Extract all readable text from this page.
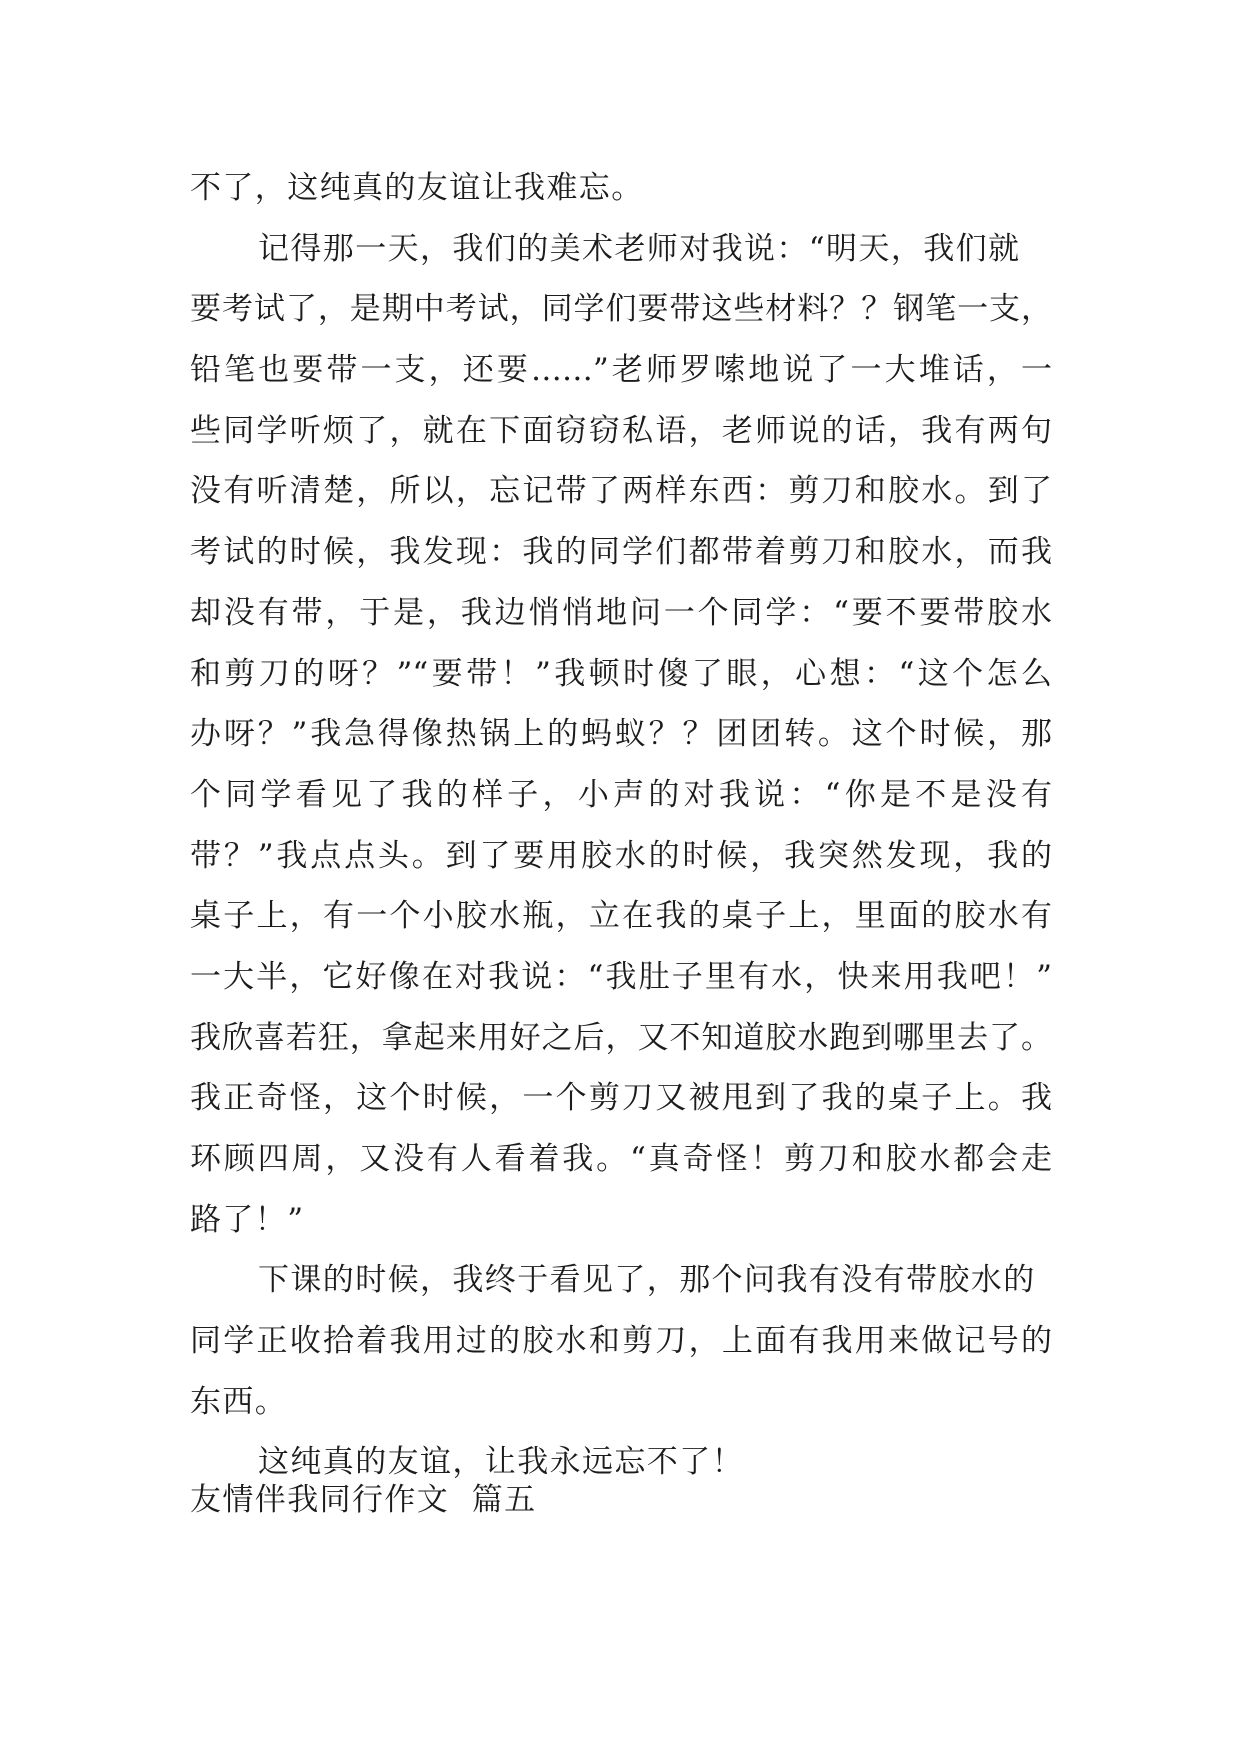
不了，这纯真的友谊让我难忘。
记得那一天，我们的美术老师对我说：“明天，我们就
要考试了，是期中考试，同学们要带这些材料？？钢笔一支，
铅笔也要带一支，还要……”老师罗嗦地说了一大堆话，一
些同学听烦了，就在下面窃窃私语，老师说的话，我有两句
没有听清楚，所以，忘记带了两样东西：剪刀和胶水。到了
考试的时候，我发现：我的同学们都带着剪刀和胶水，而我
却没有带，于是，我边悄悄地问一个同学：“要不要带胶水
和剪刀的呀？”“要带！”我顿时傻了眼，心想：“这个怎么
办呀？”我急得像热锅上的蚂蚁？？团团转。这个时候，那
个同学看见了我的样子，小声的对我说：“你是不是没有
带？”我点点头。到了要用胶水的时候，我突然发现，我的
桌子上，有一个小胶水瓶，立在我的桌子上，里面的胶水有
一大半，它好像在对我说：“我肚子里有水，快来用我吧！”
我欣喜若狂，拿起来用好之后，又不知道胶水跑到哪里去了。
我正奇怪，这个时候，一个剪刀又被甩到了我的桌子上。我
环顾四周，又没有人看着我。“真奇怪！剪刀和胶水都会走
路了！”
下课的时候，我终于看见了，那个问我有没有带胶水的
同学正收拾着我用过的胶水和剪刀，上面有我用来做记号的
东西。
这纯真的友谊，让我永远忘不了！
友情伴我同行作文  篇五
